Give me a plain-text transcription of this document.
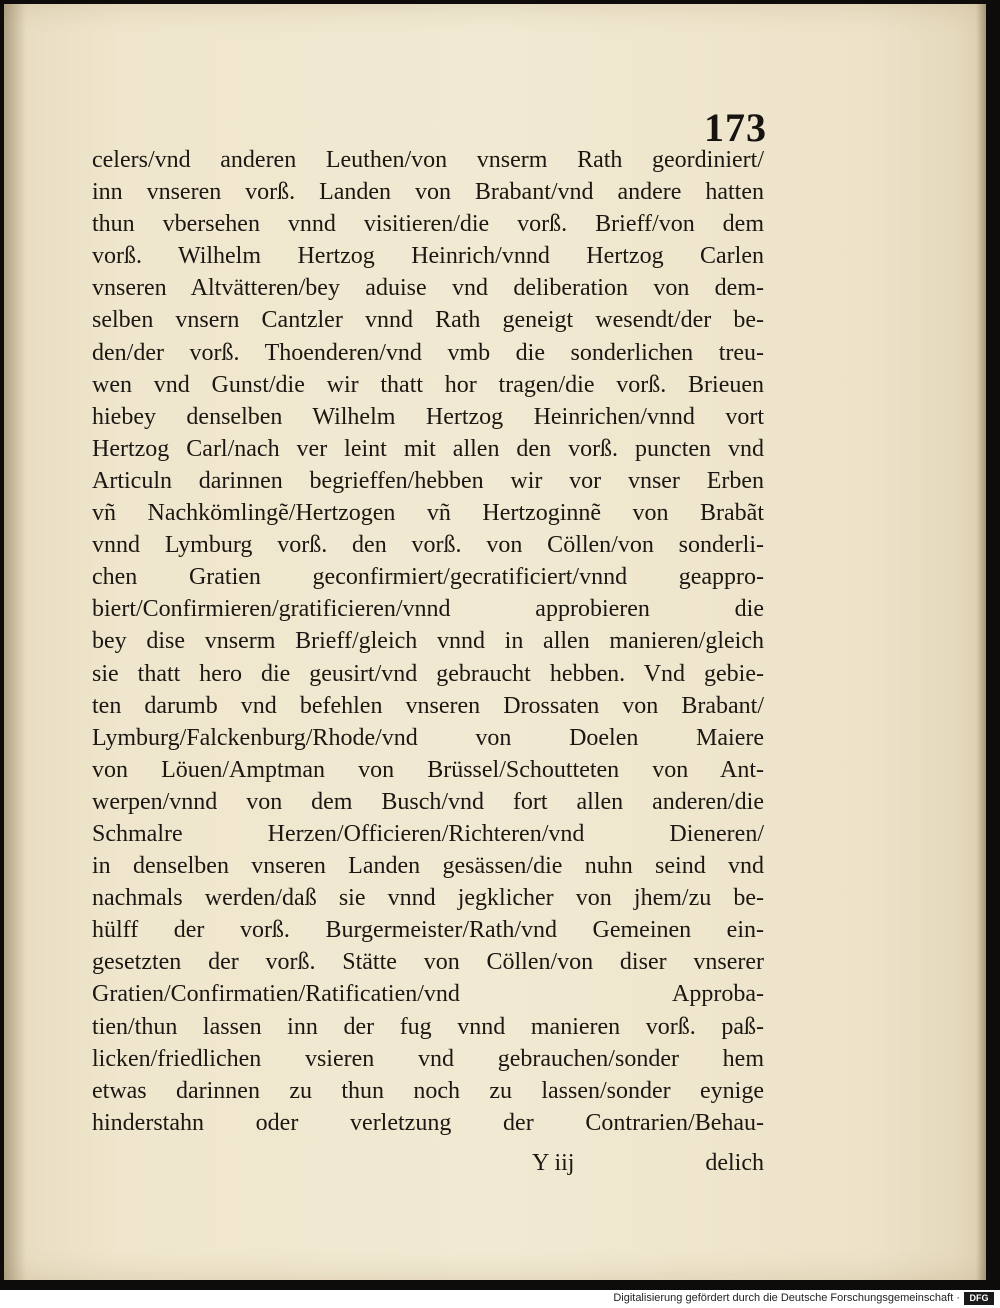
173
celers/vnd anderen Leuthen/von vnserm Rath geordiniert/
inn vnseren vorß. Landen von Brabant/vnd andere hatten
thun vbersehen vnnd visitieren/die vorß. Brieff/von dem
vorß. Wilhelm Hertzog Heinrich/vnnd Hertzog Carlen
vnseren Altvätteren/bey aduise vnd deliberation von dem-
selben vnsern Cantzler vnnd Rath geneigt wesendt/der be-
den/der vorß. Thoenderen/vnd vmb die sonderlichen treu-
wen vnd Gunst/die wir thatt hor tragen/die vorß. Brieuen
hiebey denselben Wilhelm Hertzog Heinrichen/vnnd vort
Hertzog Carl/nach ver leint mit allen den vorß. puncten vnd
Articuln darinnen begrieffen/hebben wir vor vnser Erben
vñ Nachkömlingẽ/Hertzogen vñ Hertzoginnẽ von Brabãt
vnnd Lymburg vorß. den vorß. von Cöllen/von sonderli-
chen Gratien geconfirmiert/gecratificiert/vnnd geappro-
biert/Confirmieren/gratificieren/vnnd approbieren die
bey dise vnserm Brieff/gleich vnnd in allen manieren/gleich
sie thatt hero die geusirt/vnd gebraucht hebben. Vnd gebie-
ten darumb vnd befehlen vnseren Drossaten von Brabant/
Lymburg/Falckenburg/Rhode/vnd von Doelen Maiere
von Löuen/Amptman von Brüssel/Schoutteten von Ant-
werpen/vnnd von dem Busch/vnd fort allen anderen/die
Schmalre Herzen/Officieren/Richteren/vnd Dieneren/
in denselben vnseren Landen gesässen/die nuhn seind vnd
nachmals werden/daß sie vnnd jegklicher von jhem/zu be-
hülff der vorß. Burgermeister/Rath/vnd Gemeinen ein-
gesetzten der vorß. Stätte von Cöllen/von diser vnserer
Gratien/Confirmatien/Ratificatien/vnd Approba-
tien/thun lassen inn der fug vnnd manieren vorß. paß-
licken/friedlichen vsieren vnd gebrauchen/sonder hem
etwas darinnen zu thun noch zu lassen/sonder eynige
hinderstahn oder verletzung der Contrarien/Behau-
Y iij	delich
Digitalisierung gefördert durch die Deutsche Forschungsgemeinschaft ·	DFG
